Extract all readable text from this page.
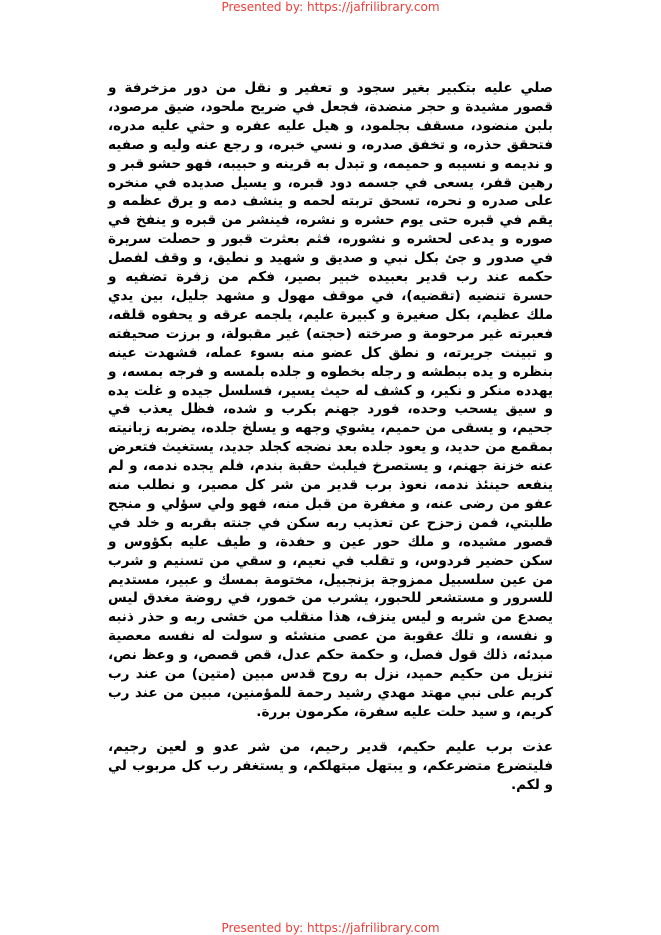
Presented by: https://jafrilibrary.com

صلي عليه بتكبير بغير سجود و تعفير و نقل من دور مزخرفة و قصور مشيدة و حجر منضدة، فجعل في ضريح ملحود، ضيق مرصود، بلبن منضود، مسقف بجلمود، و هيل عليه عفره و حثي عليه مدره، فتحقق حذره، و تخفق صدره، و نسي خبره، و رجع عنه وليه و صفيه و نديمه و نسيبه و حميمه، و تبدل به قرينه و حبيبه، فهو حشو قبر و رهين قفر، يسعى في جسمه دود قبره، و يسيل صديده في منخره على صدره و نحره، تسحق تربته لحمه و ينشف دمه و يرق عظمه و يقم في قبره حتى يوم حشره و نشره، فينشر من قبره و ينفخ في صوره و يدعى لحشره و نشوره، فثم بعثرت قبور و حصلت سريرة في صدور و جئ بكل نبي و صديق و شهيد و نطيق، و وقف لفصل حكمه عند رب قدير بعبيده خبير بصير، فكم من زفرة تضفيه و حسرة تنضيه (تقضيه)، في موقف مهول و مشهد جليل، بين يدي ملك عظيم، بكل صغيرة و كبيرة عليم، يلجمه عرقه و يحفوه قلقه، فعبرته غير مرحومة و صرخته (حجته) غير مقبولة، و برزت صحيفته و تبينت جريرته، و نطق كل عضو منه بسوء عمله، فشهدت عينه بنظره و يده ببطشه و رجله بخطوه و جلده بلمسه و فرجه بمسه، و يهدده منكر و نكير، و كشف له حيث يسير، فسلسل جيده و غلت يده و سيق يسحب وحده، فورد جهنم بكرب و شده، فظل يعذب في جحيم، و يسقى من حميم، يشوي وجهه و يسلخ جلده، يضربه زبانيته بمقمع من حديد، و يعود جلده بعد نضجه كجلد جديد، يستغيث فتعرض عنه خزنة جهنم، و يستصرخ فيلبث حقبة بندم، فلم يجده ندمه، و لم ينفعه حينئذ ندمه، نعوذ برب قدير من شر كل مصير، و نطلب منه عفو من رضى عنه، و مغفرة من قبل منه، فهو ولي سؤلي و منجح طلبتي، فمن زحزح عن تعذيب ربه سكن في جنته بقربه و خلد في قصور مشيده، و ملك حور عين و حفدة، و طيف عليه بكؤوس و سكن حضير فردوس، و تقلب في نعيم، و سقي من تسنيم و شرب من عين سلسبيل ممزوجة بزنجبيل، مختومة بمسك و عبير، مستديم للسرور و مستشعر للحبور، يشرب من خمور، في روضة مغدق ليس يصدع من شربه و ليس ينزف، هذا منقلب من خشى ربه و حذر ذنبه و نفسه، و تلك عقوبة من عصى منشئه و سولت له نفسه معصية مبدئه، ذلك قول فصل، و حكمة حكم عدل، قص قصص، و وعظ نص، تنزيل من حكيم حميد، نزل به روح قدس مبين (متين) من عند رب كريم على نبي مهتد مهدي رشيد رحمة للمؤمنين، مبين من عند رب كريم، و سيد حلت عليه سفرة، مكرمون بررة.

عذت برب عليم حكيم، قدير رحيم، من شر عدو و لعين رجيم، فليتضرع متضرعكم، و يبتهل مبتهلكم، و يستغفر رب كل مربوب لي و لكم.

Presented by: https://jafrilibrary.com
